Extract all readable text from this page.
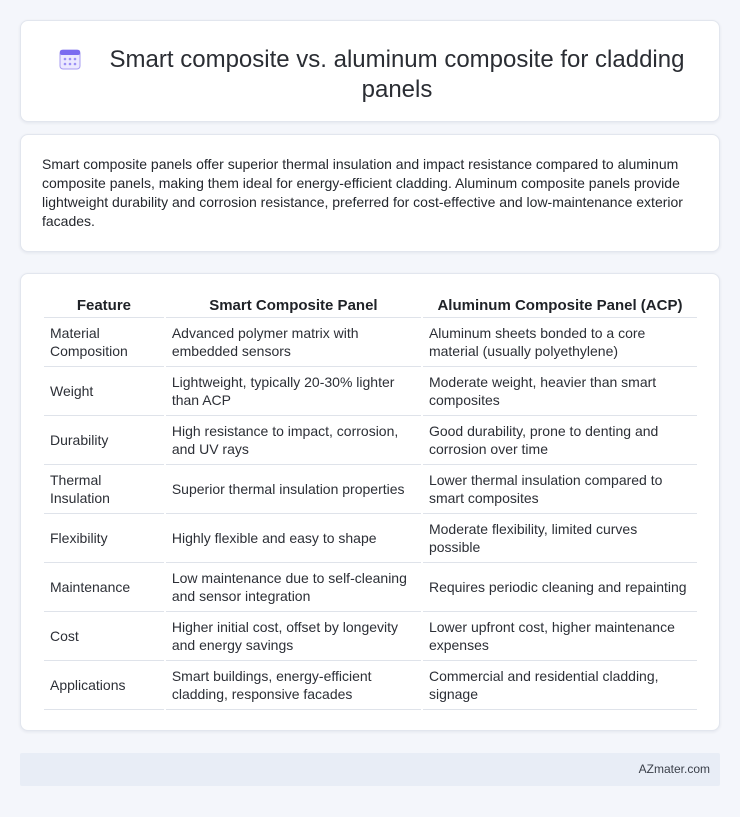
Smart composite vs. aluminum composite for cladding panels

Smart composite panels offer superior thermal insulation and impact resistance compared to aluminum composite panels, making them ideal for energy-efficient cladding. Aluminum composite panels provide lightweight durability and corrosion resistance, preferred for cost-effective and low-maintenance exterior facades.

Feature	Smart Composite Panel	Aluminum Composite Panel (ACP)
Material Composition	Advanced polymer matrix with embedded sensors	Aluminum sheets bonded to a core material (usually polyethylene)
Weight	Lightweight, typically 20-30% lighter than ACP	Moderate weight, heavier than smart composites
Durability	High resistance to impact, corrosion, and UV rays	Good durability, prone to denting and corrosion over time
Thermal Insulation	Superior thermal insulation properties	Lower thermal insulation compared to smart composites
Flexibility	Highly flexible and easy to shape	Moderate flexibility, limited curves possible
Maintenance	Low maintenance due to self-cleaning and sensor integration	Requires periodic cleaning and repainting
Cost	Higher initial cost, offset by longevity and energy savings	Lower upfront cost, higher maintenance expenses
Applications	Smart buildings, energy-efficient cladding, responsive facades	Commercial and residential cladding, signage
AZmater.com
